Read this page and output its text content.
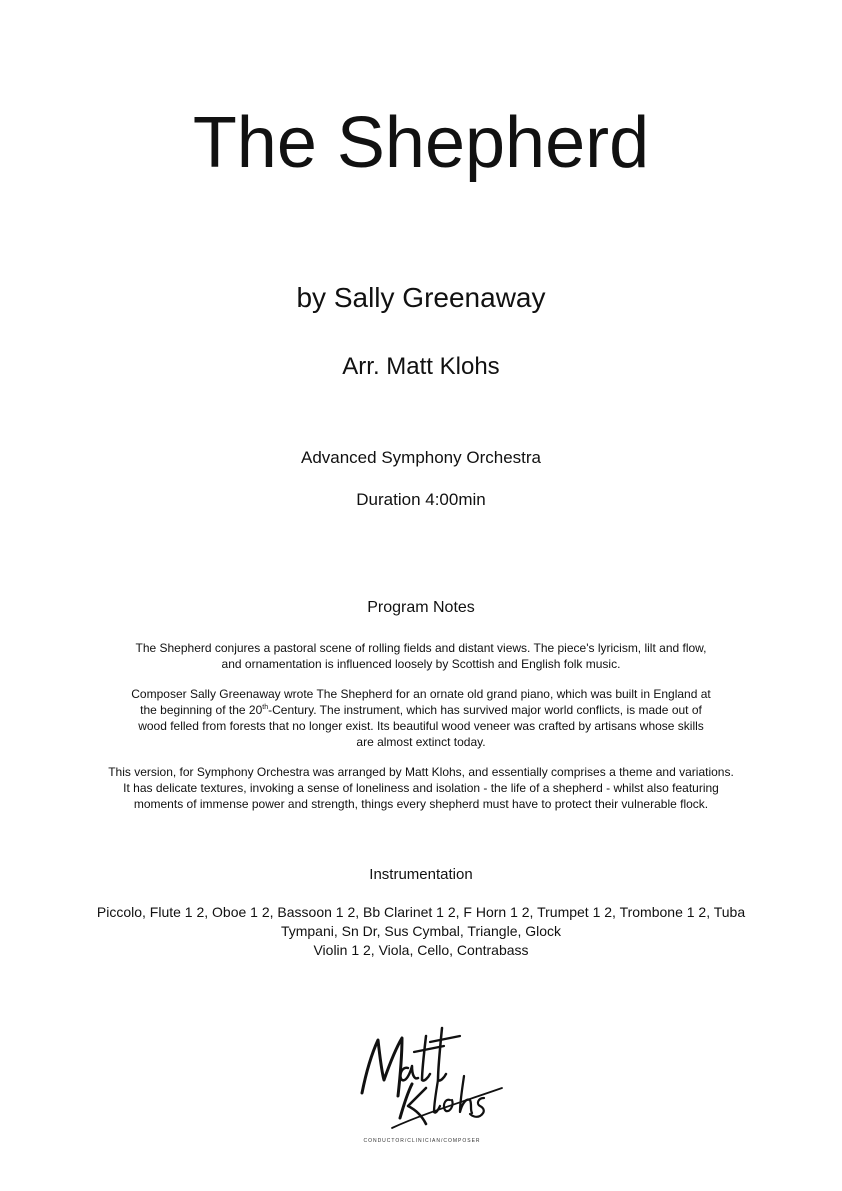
The Shepherd
by Sally Greenaway
Arr. Matt Klohs
Advanced Symphony Orchestra
Duration 4:00min
Program Notes

The Shepherd conjures a pastoral scene of rolling fields and distant views. The piece's lyricism, lilt and flow,
and ornamentation is influenced loosely by Scottish and English folk music.

Composer Sally Greenaway wrote The Shepherd for an ornate old grand piano, which was built in England at
the beginning of the 20th-Century. The instrument, which has survived major world conflicts, is made out of
wood felled from forests that no longer exist. Its beautiful wood veneer was crafted by artisans whose skills
are almost extinct today.

This version, for Symphony Orchestra was arranged by Matt Klohs, and essentially comprises a theme and variations.
It has delicate textures, invoking a sense of loneliness and isolation - the life of a shepherd - whilst also featuring
moments of immense power and strength, things every shepherd must have to protect their vulnerable flock.

Instrumentation
Piccolo, Flute 1 2, Oboe 1 2, Bassoon 1 2, Bb Clarinet 1 2, F Horn 1 2, Trumpet 1 2, Trombone 1 2, Tuba
Tympani, Sn Dr, Sus Cymbal, Triangle, Glock
Violin 1 2, Viola, Cello, Contrabass
CONDUCTOR/CLINICIAN/COMPOSER
